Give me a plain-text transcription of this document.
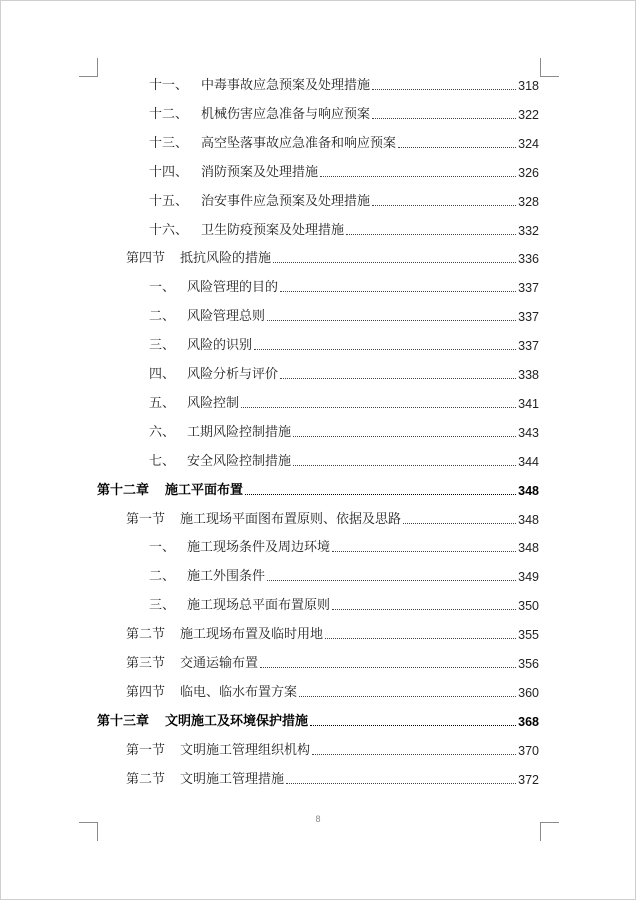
十一、 中毒事故应急预案及处理措施	318
十二、 机械伤害应急准备与响应预案	322
十三、 高空坠落事故应急准备和响应预案	324
十四、 消防预案及处理措施	326
十五、 治安事件应急预案及处理措施	328
十六、 卫生防疫预案及处理措施	332
第四节	抵抗风险的措施	336
一、 风险管理的目的	337
二、 风险管理总则	337
三、 风险的识别	337
四、 风险分析与评价	338
五、 风险控制	341
六、 工期风险控制措施	343
七、 安全风险控制措施	344
第十二章	施工平面布置	348
第一节	施工现场平面图布置原则、依据及思路	348
一、 施工现场条件及周边环境	348
二、 施工外围条件	349
三、 施工现场总平面布置原则	350
第二节	施工现场布置及临时用地	355
第三节	交通运输布置	356
第四节	临电、临水布置方案	360
第十三章	文明施工及环境保护措施	368
第一节	文明施工管理组织机构	370
第二节	文明施工管理措施	372
8
